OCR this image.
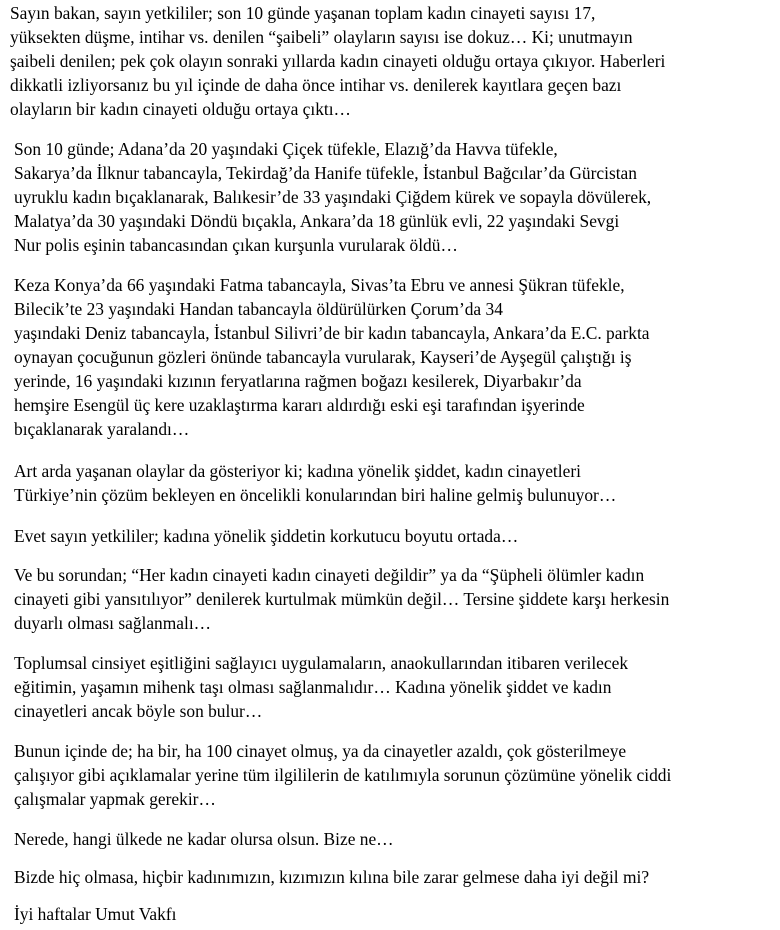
Sayın bakan, sayın yetkililer; son 10 günde yaşanan toplam kadın cinayeti sayısı 17,
yüksekten düşme, intihar vs. denilen “şaibeli” olayların sayısı ise dokuz… Ki; unutmayın
şaibeli denilen; pek çok olayın sonraki yıllarda kadın cinayeti olduğu ortaya çıkıyor. Haberleri
dikkatli izliyorsanız bu yıl içinde de daha önce intihar vs. denilerek kayıtlara geçen bazı
olayların bir kadın cinayeti olduğu ortaya çıktı…
Son 10 günde; Adana’da 20 yaşındaki Çiçek tüfekle, Elazığ’da Havva tüfekle,
Sakarya’da İlknur tabancayla, Tekirdağ’da Hanife tüfekle, İstanbul Bağcılar’da Gürcistan
uyruklu kadın bıçaklanarak, Balıkesir’de 33 yaşındaki Çiğdem kürek ve sopayla dövülerek,
Malatya’da 30 yaşındaki Döndü bıçakla, Ankara’da 18 günlük evli, 22 yaşındaki Sevgi
Nur polis eşinin tabancasından çıkan kurşunla vurularak öldü…
Keza Konya’da 66 yaşındaki Fatma tabancayla, Sivas’ta Ebru ve annesi Şükran tüfekle,
Bilecik’te 23 yaşındaki Handan tabancayla öldürülürken Çorum’da 34
yaşındaki Deniz tabancayla, İstanbul Silivri’de bir kadın tabancayla, Ankara’da E.C. parkta
oynayan çocuğunun gözleri önünde tabancayla vurularak, Kayseri’de Ayşegül çalıştığı iş
yerinde, 16 yaşındaki kızının feryatlarına rağmen boğazı kesilerek, Diyarbakır’da
hemşire Esengül üç kere uzaklaştırma kararı aldırdığı eski eşi tarafından işyerinde
bıçaklanarak yaralandı…
Art arda yaşanan olaylar da gösteriyor ki; kadına yönelik şiddet, kadın cinayetleri
Türkiye’nin çözüm bekleyen en öncelikli konularından biri haline gelmiş bulunuyor…
Evet sayın yetkililer; kadına yönelik şiddetin korkutucu boyutu ortada…
Ve bu sorundan; “Her kadın cinayeti kadın cinayeti değildir” ya da “Şüpheli ölümler kadın
cinayeti gibi yansıtılıyor” denilerek kurtulmak mümkün değil… Tersine şiddete karşı herkesin
duyarlı olması sağlanmalı…
Toplumsal cinsiyet eşitliğini sağlayıcı uygulamaların, anaokullarından itibaren verilecek
eğitimin, yaşamın mihenk taşı olması sağlanmalıdır… Kadına yönelik şiddet ve kadın
cinayetleri ancak böyle son bulur…
Bunun içinde de; ha bir, ha 100 cinayet olmuş, ya da cinayetler azaldı, çok gösterilmeye
çalışıyor gibi açıklamalar yerine tüm ilgililerin de katılımıyla sorunun çözümüne yönelik ciddi
çalışmalar yapmak gerekir…
Nerede, hangi ülkede ne kadar olursa olsun. Bize ne…
Bizde hiç olmasa, hiçbir kadınımızın, kızımızın kılına bile zarar gelmese daha iyi değil mi?
İyi haftalar Umut Vakfı
